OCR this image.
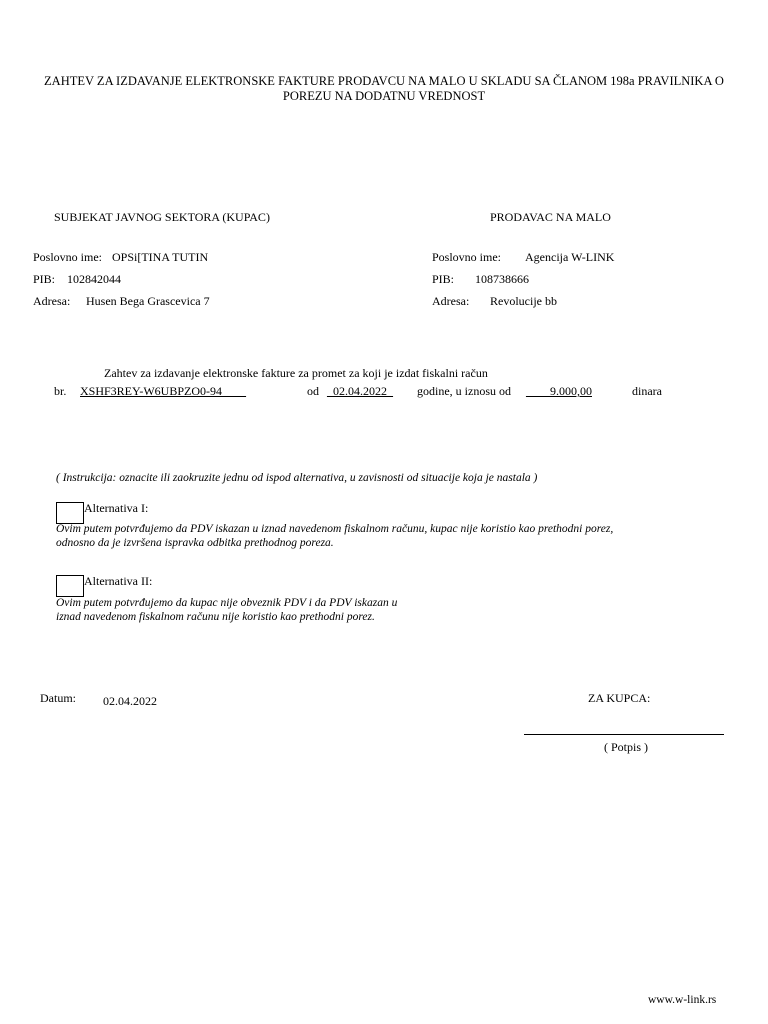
ZAHTEV ZA IZDAVANJE ELEKTRONSKE FAKTURE PRODAVCU NA MALO U SKLADU SA ČLANOM 198a PRAVILNIKA O
POREZU NA DODATNU VREDNOST
SUBJEKAT JAVNOG SEKTORA (KUPAC)
Poslovno ime: OPSi[TINA TUTIN
PIB: 102842044
Adresa: Husen Bega Grascevica 7
PRODAVAC NA MALO
Poslovno ime: Agencija W-LINK
PIB: 108738666
Adresa: Revolucije bb
Zahtev za izdavanje elektronske fakture za promet za koji je izdat fiskalni račun
br. XSHF3REY-W6UBPZO0-94____	od _02.04.2022_ godine, u iznosu od ____9.000,00	dinara
( Instrukcija: oznacite ili zaokruzite jednu od ispod alternativa, u zavisnosti od situacije koja je nastala )
Alternativa I:
Ovim putem potvrđujemo da PDV iskazan u iznad navedenom fiskalnom računu, kupac nije koristio kao prethodni porez,
odnosno da je izvršena ispravka odbitka prethodnog poreza.
Alternativa II:
Ovim putem potvrđujemo da kupac nije obveznik PDV i da PDV iskazan u
iznad navedenom fiskalnom računu nije koristio kao prethodni porez.
Datum: 02.04.2022	ZA KUPCA:
( Potpis )
www.w-link.rs
